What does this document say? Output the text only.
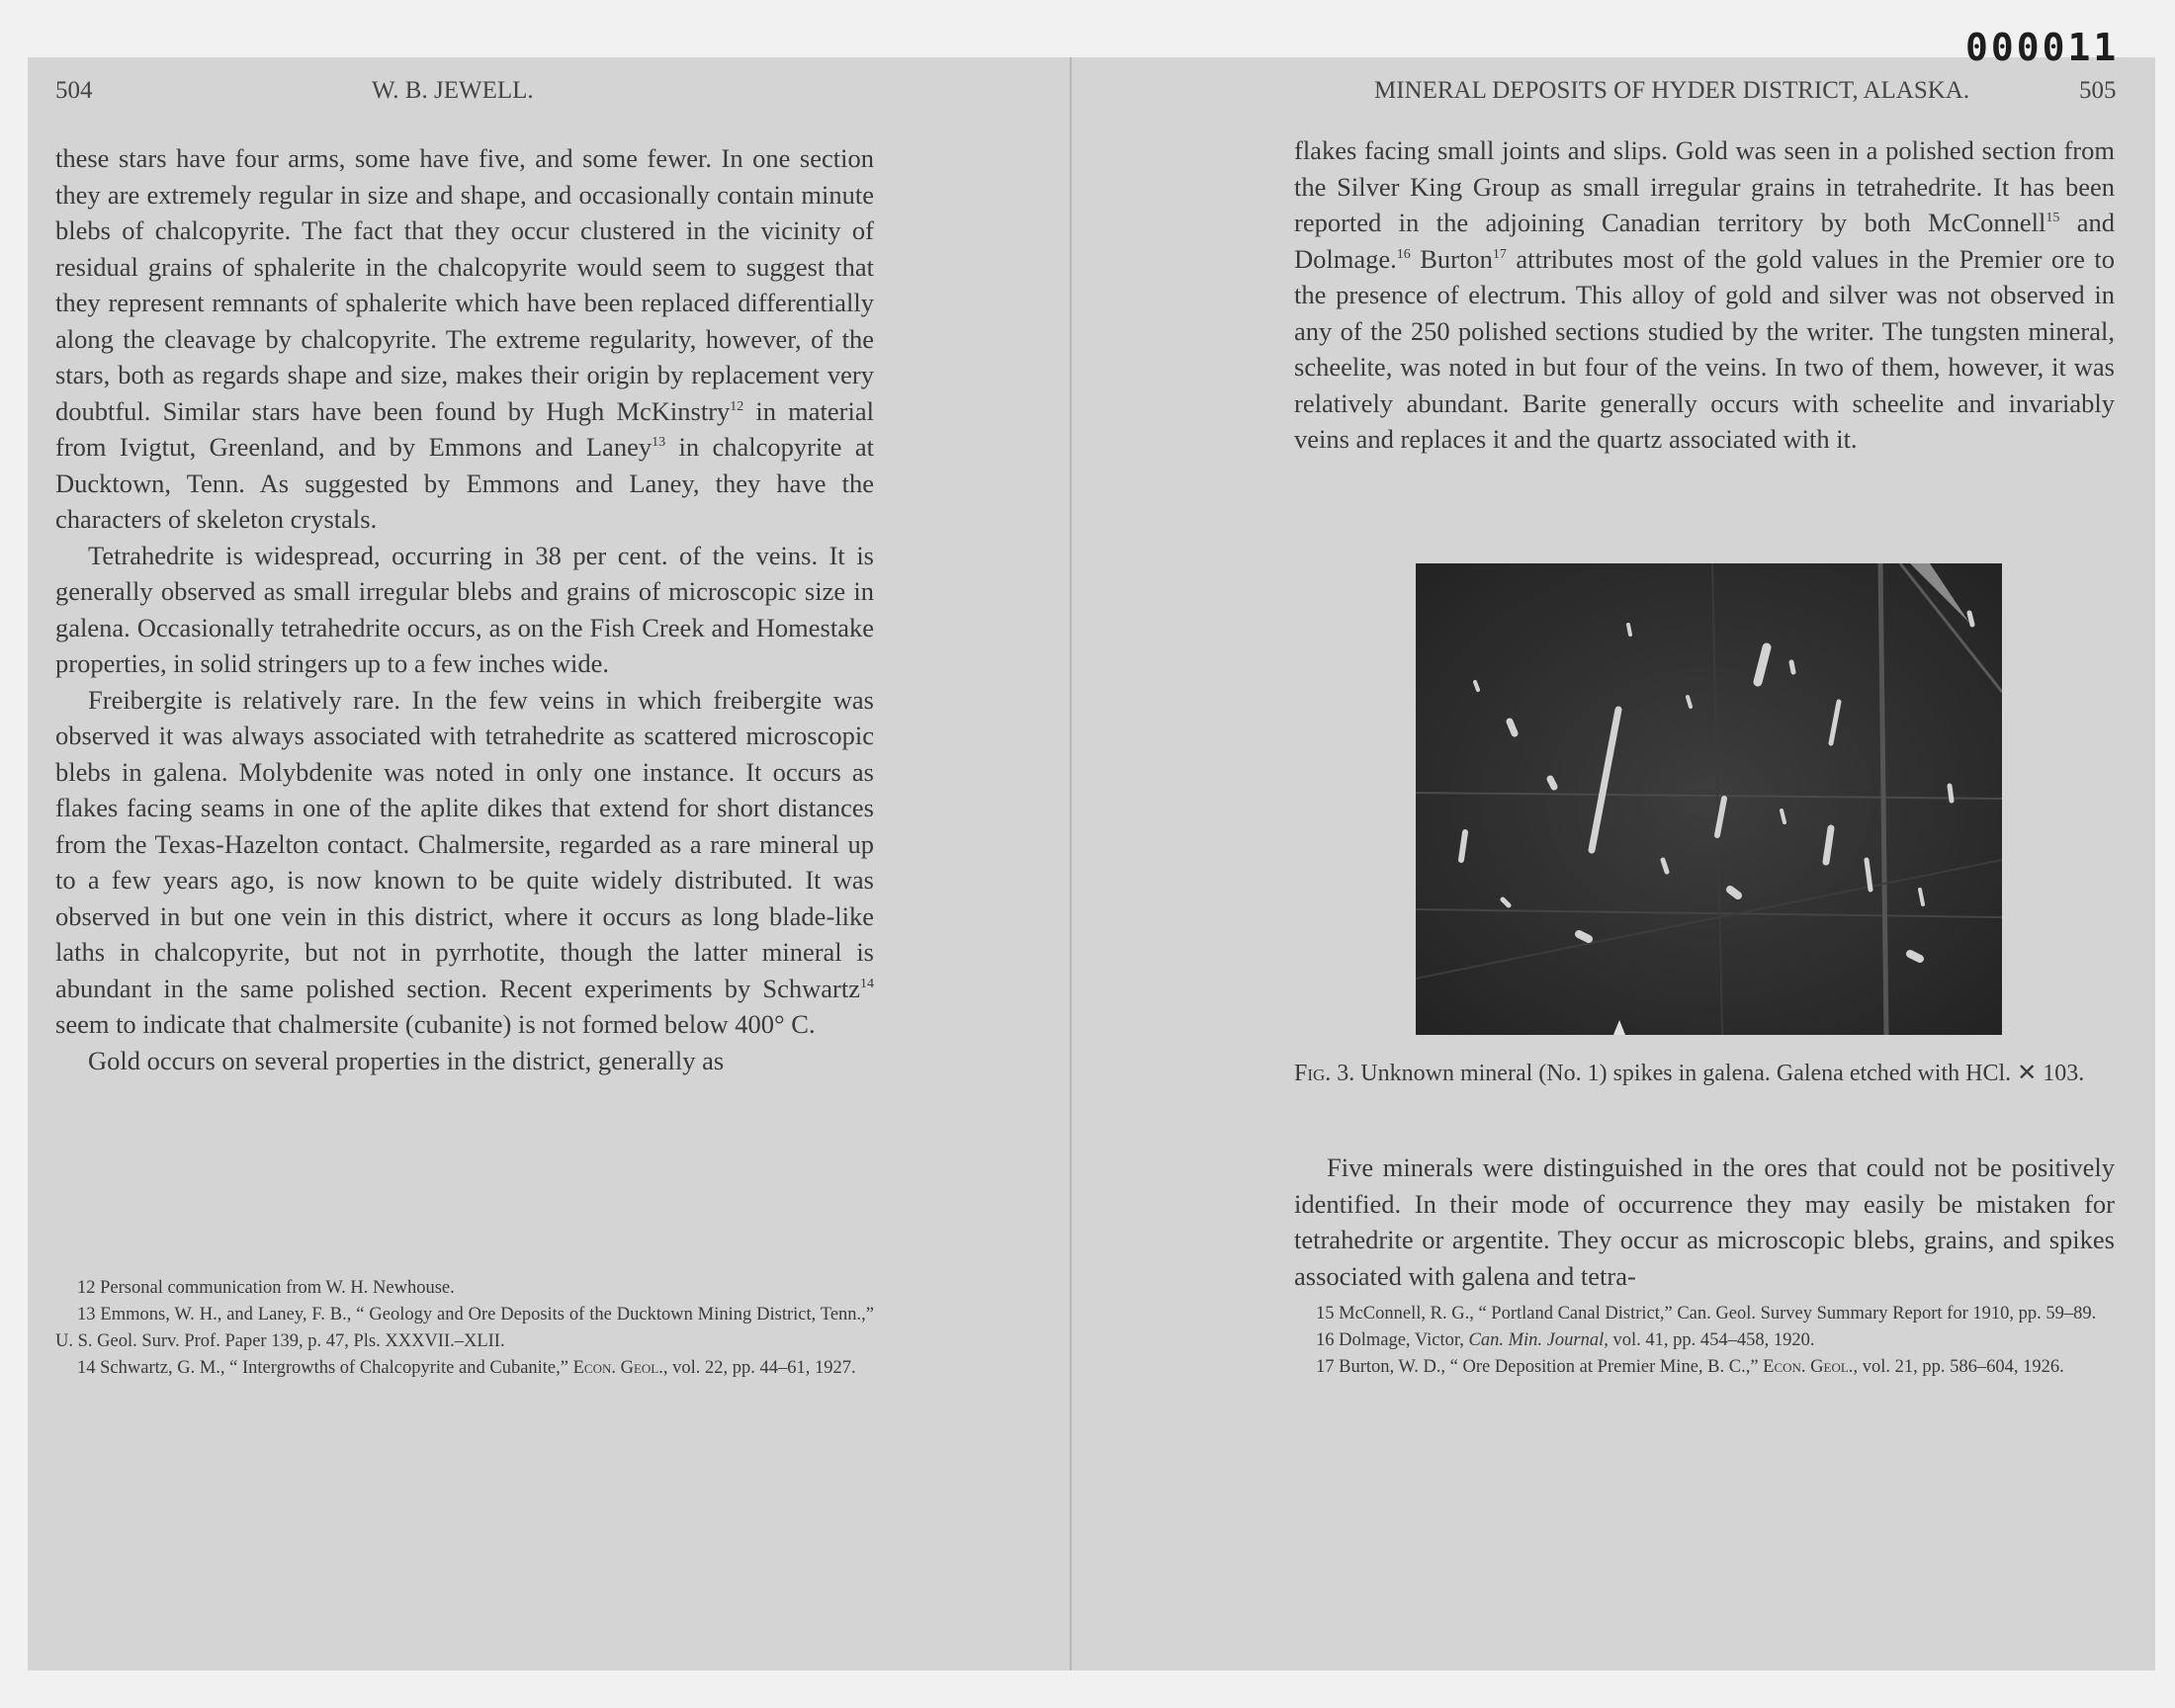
000011
504	W. B. JEWELL.

these stars have four arms, some have five, and some fewer. In one section they are extremely regular in size and shape, and occasionally contain minute blebs of chalcopyrite. The fact that they occur clustered in the vicinity of residual grains of sphalerite in the chalcopyrite would seem to suggest that they represent remnants of sphalerite which have been replaced differentially along the cleavage by chalcopyrite. The extreme regularity, however, of the stars, both as regards shape and size, makes their origin by replacement very doubtful. Similar stars have been found by Hugh McKinstry$^{12}$ in material from Ivigtut, Greenland, and by Emmons and Laney$^{13}$ in chalcopyrite at Ducktown, Tenn. As suggested by Emmons and Laney, they have the characters of skeleton crystals.

Tetrahedrite is widespread, occurring in 38 per cent. of the veins. It is generally observed as small irregular blebs and grains of microscopic size in galena. Occasionally tetrahedrite occurs, as on the Fish Creek and Homestake properties, in solid stringers up to a few inches wide.

Freibergite is relatively rare. In the few veins in which freibergite was observed it was always associated with tetrahedrite as scattered microscopic blebs in galena. Molybdenite was noted in only one instance. It occurs as flakes facing seams in one of the aplite dikes that extend for short distances from the Texas-Hazelton contact. Chalmersite, regarded as a rare mineral up to a few years ago, is now known to be quite widely distributed. It was observed in but one vein in this district, where it occurs as long blade-like laths in chalcopyrite, but not in pyrrhotite, though the latter mineral is abundant in the same polished section. Recent experiments by Schwartz$^{14}$ seem to indicate that chalmersite (cubanite) is not formed below 400° C.

Gold occurs on several properties in the district, generally as

12 Personal communication from W. H. Newhouse.

13 Emmons, W. H., and Laney, F. B., “ Geology and Ore Deposits of the Ducktown Mining District, Tenn.,” U. S. Geol. Surv. Prof. Paper 139, p. 47, Pls. XXXVII.–XLII.

14 Schwartz, G. M., “ Intergrowths of Chalcopyrite and Cubanite,” Econ. Geol., vol. 22, pp. 44–61, 1927.

MINERAL DEPOSITS OF HYDER DISTRICT, ALASKA.	505

flakes facing small joints and slips. Gold was seen in a polished section from the Silver King Group as small irregular grains in tetrahedrite. It has been reported in the adjoining Canadian territory by both McConnell$^{15}$ and Dolmage.$^{16}$ Burton$^{17}$ attributes most of the gold values in the Premier ore to the presence of electrum. This alloy of gold and silver was not observed in any of the 250 polished sections studied by the writer. The tungsten mineral, scheelite, was noted in but four of the veins. In two of them, however, it was relatively abundant. Barite generally occurs with scheelite and invariably veins and replaces it and the quartz associated with it.

Fig. 3. Unknown mineral (No. 1) spikes in galena. Galena etched with HCl. ✕ 103.

Five minerals were distinguished in the ores that could not be positively identified. In their mode of occurrence they may easily be mistaken for tetrahedrite or argentite. They occur as microscopic blebs, grains, and spikes associated with galena and tetra-

15 McConnell, R. G., “ Portland Canal District,” Can. Geol. Survey Summary Report for 1910, pp. 59–89.

16 Dolmage, Victor, Can. Min. Journal, vol. 41, pp. 454–458, 1920.

17 Burton, W. D., “ Ore Deposition at Premier Mine, B. C.,” Econ. Geol., vol. 21, pp. 586–604, 1926.
